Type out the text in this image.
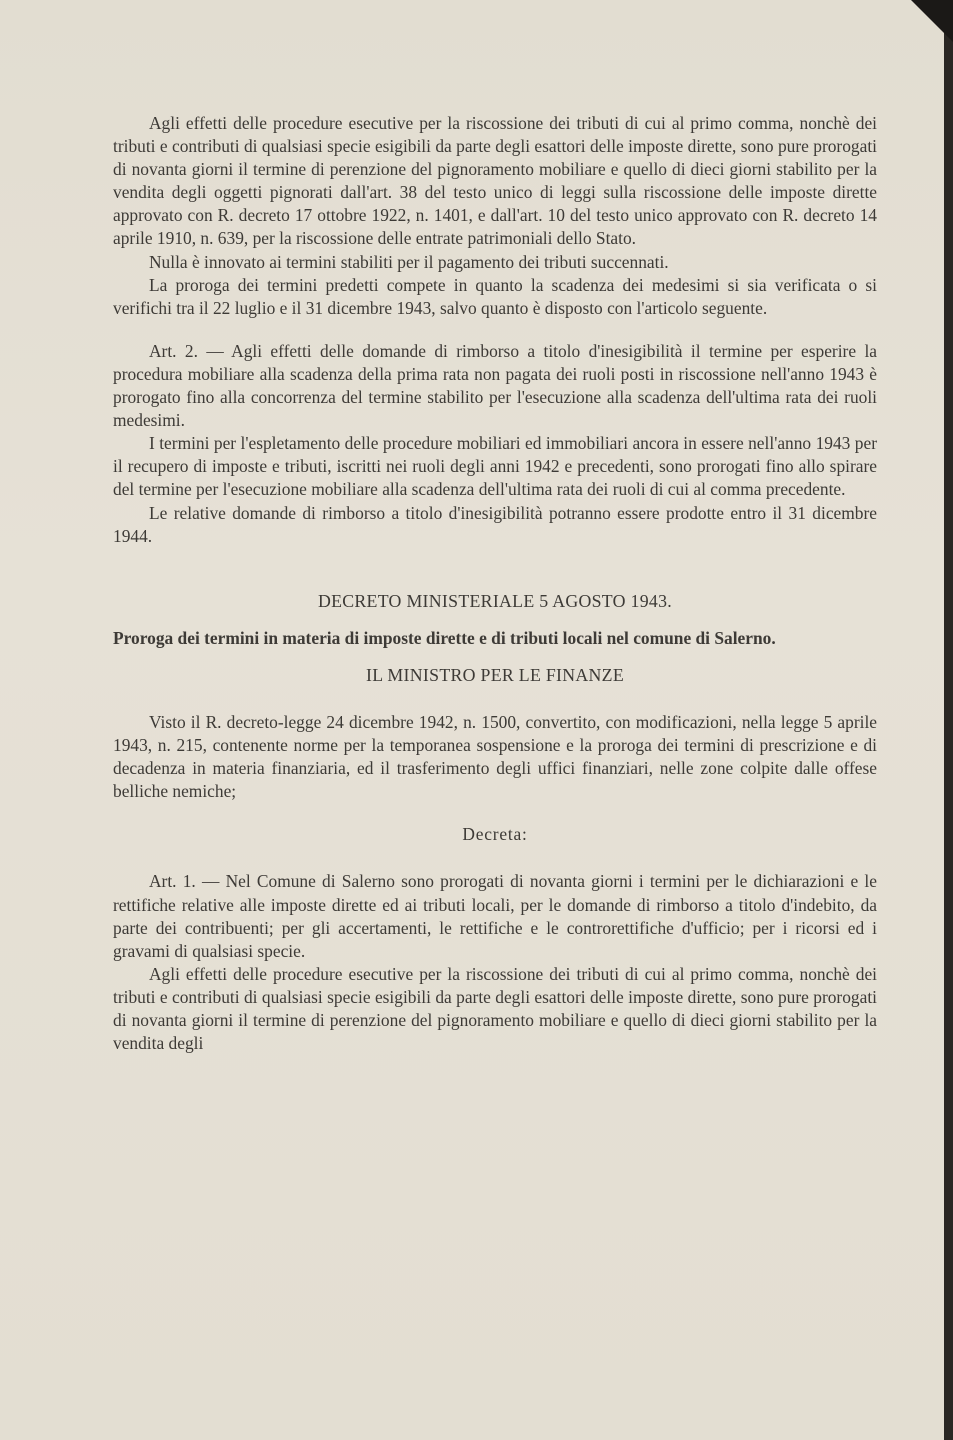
Agli effetti delle procedure esecutive per la riscossione dei tributi di cui al primo comma, nonchè dei tributi e contributi di qualsiasi specie esigibili da parte degli esattori delle imposte dirette, sono pure prorogati di novanta giorni il termine di perenzione del pignoramento mobiliare e quello di dieci giorni stabilito per la vendita degli oggetti pignorati dall'art. 38 del testo unico di leggi sulla riscossione delle imposte dirette approvato con R. decreto 17 ottobre 1922, n. 1401, e dall'art. 10 del testo unico approvato con R. decreto 14 aprile 1910, n. 639, per la riscossione delle entrate patrimoniali dello Stato.

Nulla è innovato ai termini stabiliti per il pagamento dei tributi succennati.

La proroga dei termini predetti compete in quanto la scadenza dei medesimi si sia verificata o si verifichi tra il 22 luglio e il 31 dicembre 1943, salvo quanto è disposto con l'articolo seguente.

Art. 2. — Agli effetti delle domande di rimborso a titolo d'inesigibilità il termine per esperire la procedura mobiliare alla scadenza della prima rata non pagata dei ruoli posti in riscossione nell'anno 1943 è prorogato fino alla concorrenza del termine stabilito per l'esecuzione alla scadenza dell'ultima rata dei ruoli medesimi.

I termini per l'espletamento delle procedure mobiliari ed immobiliari ancora in essere nell'anno 1943 per il recupero di imposte e tributi, iscritti nei ruoli degli anni 1942 e precedenti, sono prorogati fino allo spirare del termine per l'esecuzione mobiliare alla scadenza dell'ultima rata dei ruoli di cui al comma precedente.

Le relative domande di rimborso a titolo d'inesigibilità potranno essere prodotte entro il 31 dicembre 1944.

DECRETO MINISTERIALE 5 AGOSTO 1943.

Proroga dei termini in materia di imposte dirette e di tributi locali nel comune di Salerno.

IL MINISTRO PER LE FINANZE

Visto il R. decreto-legge 24 dicembre 1942, n. 1500, convertito, con modificazioni, nella legge 5 aprile 1943, n. 215, contenente norme per la temporanea sospensione e la proroga dei termini di prescrizione e di decadenza in materia finanziaria, ed il trasferimento degli uffici finanziari, nelle zone colpite dalle offese belliche nemiche;

Decreta:

Art. 1. — Nel Comune di Salerno sono prorogati di novanta giorni i termini per le dichiarazioni e le rettifiche relative alle imposte dirette ed ai tributi locali, per le domande di rimborso a titolo d'indebito, da parte dei contribuenti; per gli accertamenti, le rettifiche e le controrettifiche d'ufficio; per i ricorsi ed i gravami di qualsiasi specie.

Agli effetti delle procedure esecutive per la riscossione dei tributi di cui al primo comma, nonchè dei tributi e contributi di qualsiasi specie esigibili da parte degli esattori delle imposte dirette, sono pure prorogati di novanta giorni il termine di perenzione del pignoramento mobiliare e quello di dieci giorni stabilito per la vendita degli
